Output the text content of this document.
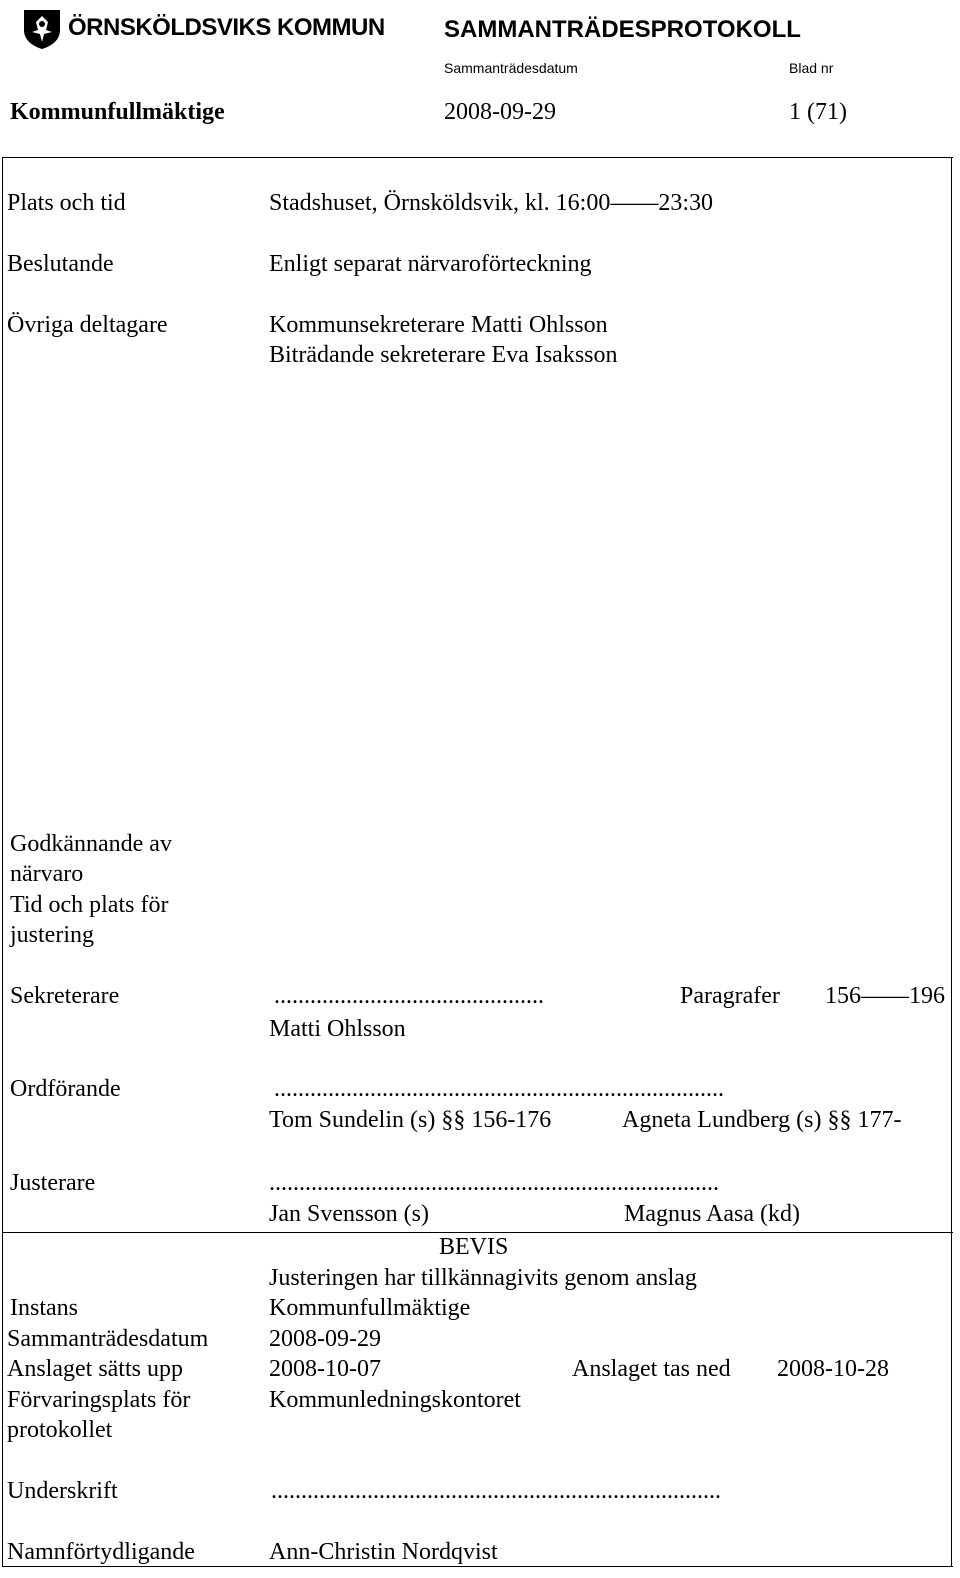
ÖRNSKÖLDSVIKS KOMMUN SAMMANTRÄDESPROTOKOLL
Sammanträdesdatum	Blad nr
Kommunfullmäktige	2008-09-29	1 (71)
Plats och tid	Stadshuset, Örnsköldsvik, kl. 16:00——23:30
Beslutande	Enligt separat närvaroförteckning
Övriga deltagare	Kommunsekreterare Matti Ohlsson
Biträdande sekreterare Eva Isaksson
Godkännande av
närvaro
Tid och plats för
justering
Sekreterare	.............................................	Paragrafer 156——196
Matti Ohlsson
Ordförande	...........................................................................
Tom Sundelin (s) §§ 156-176	Agneta Lundberg (s) §§ 177-
Justerare	...........................................................................
Jan Svensson (s)	Magnus Aasa (kd)
BEVIS
Justeringen har tillkännagivits genom anslag
Instans	Kommunfullmäktige
Sammanträdesdatum	2008-09-29
Anslaget sätts upp	2008-10-07	Anslaget tas ned 2008-10-28
Förvaringsplats för	Kommunledningskontoret
protokollet
Underskrift	...........................................................................
Namnförtydligande	Ann-Christin Nordqvist
